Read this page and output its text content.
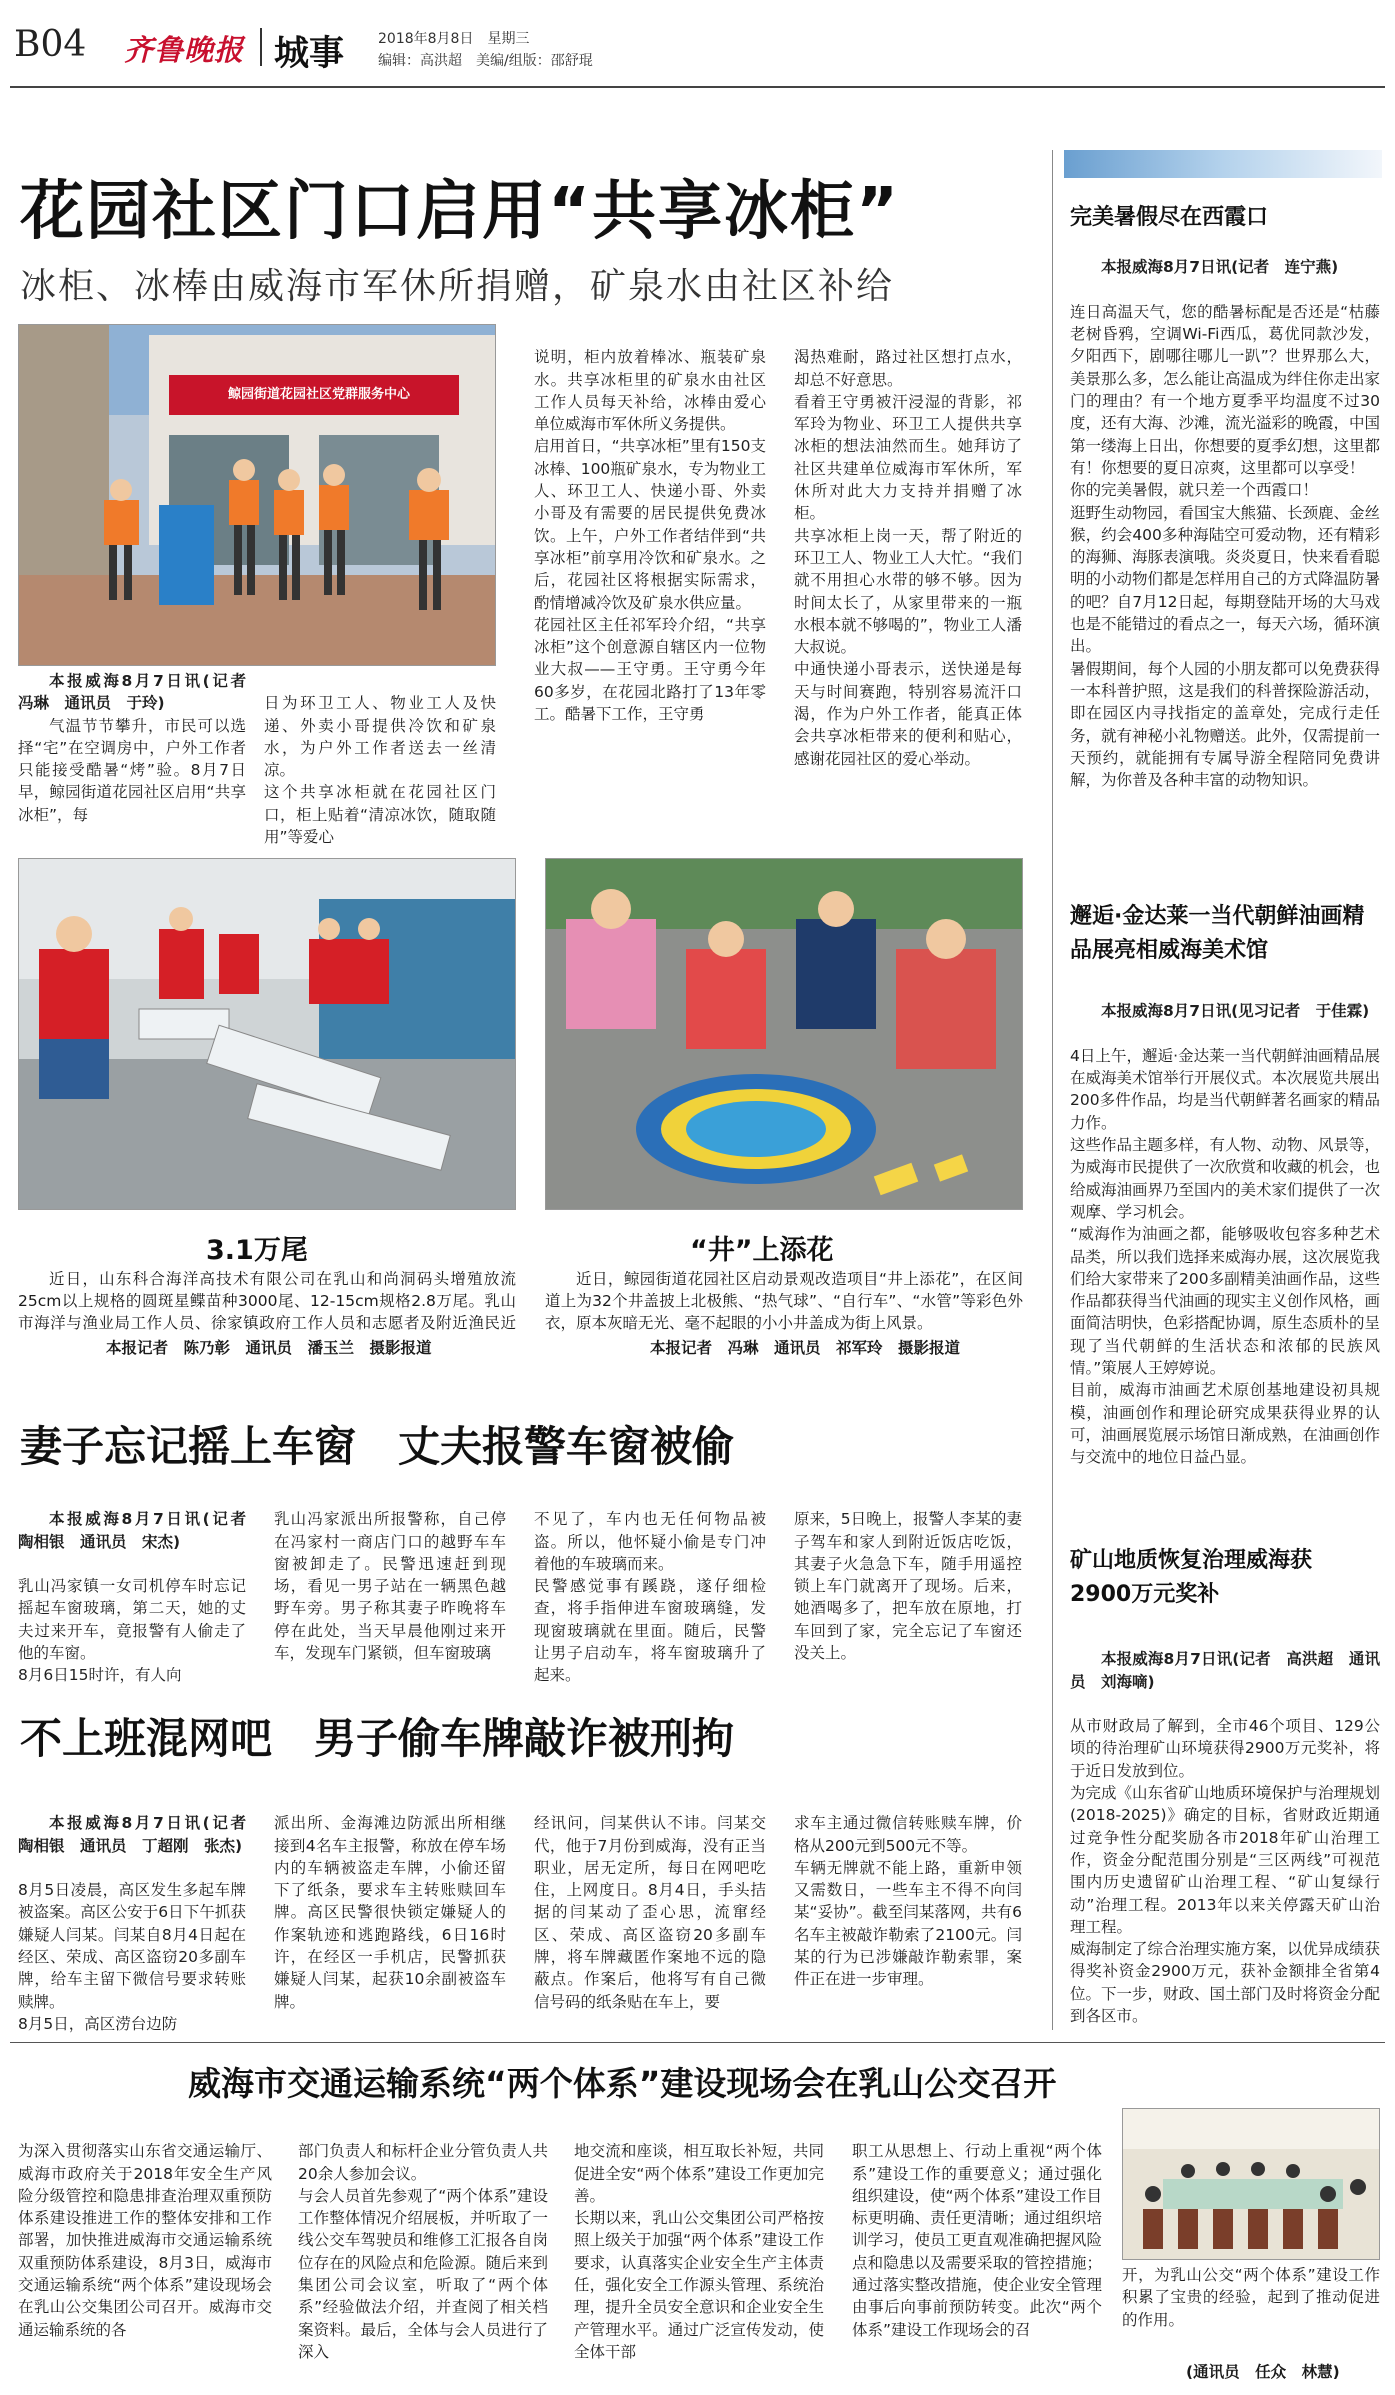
B04 齐鲁晚报 城事 2018年8月8日　星期三
编辑：高洪超　美编/组版：邵舒琨
花园社区门口启用“共享冰柜”
冰柜、冰棒由威海市军休所捐赠，矿泉水由社区补给
鲸园街道花园社区党群服务中心

本报威海8月7日讯(记者　冯琳　通讯员　于玲)

气温节节攀升，市民可以选择“宅”在空调房中，户外工作者只能接受酷暑“烤”验。8月7日早，鲸园街道花园社区启用“共享冰柜”，每

日为环卫工人、物业工人及快递、外卖小哥提供冷饮和矿泉水，为户外工作者送去一丝清凉。
这个共享冰柜就在花园社区门口，柜上贴着“清凉冰饮，随取随用”等爱心

说明，柜内放着棒冰、瓶装矿泉水。共享冰柜里的矿泉水由社区工作人员每天补给，冰棒由爱心单位威海市军休所义务提供。
启用首日，“共享冰柜”里有150支冰棒、100瓶矿泉水，专为物业工人、环卫工人、快递小哥、外卖小哥及有需要的居民提供免费冰饮。上午，户外工作者结伴到“共享冰柜”前享用冷饮和矿泉水。之后，花园社区将根据实际需求，酌情增减冷饮及矿泉水供应量。
花园社区主任祁军玲介绍，“共享冰柜”这个创意源自辖区内一位物业大叔——王守勇。王守勇今年60多岁，在花园北路打了13年零工。酷暑下工作，王守勇

渴热难耐，路过社区想打点水，却总不好意思。
看着王守勇被汗浸湿的背影，祁军玲为物业、环卫工人提供共享冰柜的想法油然而生。她拜访了社区共建单位威海市军休所，军休所对此大力支持并捐赠了冰柜。
共享冰柜上岗一天，帮了附近的环卫工人、物业工人大忙。“我们就不用担心水带的够不够。因为时间太长了，从家里带来的一瓶水根本就不够喝的”，物业工人潘大叔说。
中通快递小哥表示，送快递是每天与时间赛跑，特别容易流汗口渴，作为户外工作者，能真正体会共享冰柜带来的便利和贴心，感谢花园社区的爱心举动。

3.1万尾	“井”上添花

近日，山东科合海洋高技术有限公司在乳山和尚洞码头增殖放流25cm以上规格的圆斑星鲽苗种3000尾、12-15cm规格2.8万尾。乳山市海洋与渔业局工作人员、徐家镇政府工作人员和志愿者及附近渔民近

本报记者　陈乃彰　通讯员　潘玉兰　摄影报道

近日，鲸园街道花园社区启动景观改造项目“井上添花”，在区间道上为32个井盖披上北极熊、“热气球”、“自行车”、“水管”等彩色外衣，原本灰暗无光、毫不起眼的小小井盖成为街上风景。

本报记者　冯琳　通讯员　祁军玲　摄影报道
妻子忘记摇上车窗　丈夫报警车窗被偷

本报威海8月7日讯(记者　陶相银　通讯员　宋杰)

乳山冯家镇一女司机停车时忘记摇起车窗玻璃，第二天，她的丈夫过来开车，竟报警有人偷走了他的车窗。
8月6日15时许，有人向

乳山冯家派出所报警称，自己停在冯家村一商店门口的越野车车窗被卸走了。民警迅速赶到现场，看见一男子站在一辆黑色越野车旁。男子称其妻子昨晚将车停在此处，当天早晨他刚过来开车，发现车门紧锁，但车窗玻璃

不见了，车内也无任何物品被盗。所以，他怀疑小偷是专门冲着他的车玻璃而来。
民警感觉事有蹊跷，遂仔细检查，将手指伸进车窗玻璃缝，发现窗玻璃就在里面。随后，民警让男子启动车，将车窗玻璃升了起来。

原来，5日晚上，报警人李某的妻子驾车和家人到附近饭店吃饭，其妻子火急急下车，随手用遥控锁上车门就离开了现场。后来，她酒喝多了，把车放在原地，打车回到了家，完全忘记了车窗还没关上。

不上班混网吧　男子偷车牌敲诈被刑拘

本报威海8月7日讯(记者　陶相银　通讯员　丁超刚　张杰)

8月5日凌晨，高区发生多起车牌被盗案。高区公安于6日下午抓获嫌疑人闫某。闫某自8月4日起在经区、荣成、高区盗窃20多副车牌，给车主留下微信号要求转账赎牌。
8月5日，高区涝台边防

派出所、金海滩边防派出所相继接到4名车主报警，称放在停车场内的车辆被盗走车牌，小偷还留下了纸条，要求车主转账赎回车牌。高区民警很快锁定嫌疑人的作案轨迹和逃跑路线，6日16时许，在经区一手机店，民警抓获嫌疑人闫某，起获10余副被盗车牌。

经讯问，闫某供认不讳。闫某交代，他于7月份到威海，没有正当职业，居无定所，每日在网吧吃住，上网度日。8月4日，手头拮据的闫某动了歪心思，流窜经区、荣成、高区盗窃20多副车牌，将车牌藏匿作案地不远的隐蔽点。作案后，他将写有自己微信号码的纸条贴在车上，要

求车主通过微信转账赎车牌，价格从200元到500元不等。
车辆无牌就不能上路，重新申领又需数日，一些车主不得不向闫某“妥协”。截至闫某落网，共有6名车主被敲诈勒索了2100元。闫某的行为已涉嫌敲诈勒索罪，案件正在进一步审理。

威海市交通运输系统“两个体系”建设现场会在乳山公交召开

为深入贯彻落实山东省交通运输厅、威海市政府关于2018年安全生产风险分级管控和隐患排查治理双重预防体系建设推进工作的整体安排和工作部署，加快推进威海市交通运输系统双重预防体系建设，8月3日，威海市交通运输系统“两个体系”建设现场会在乳山公交集团公司召开。威海市交通运输系统的各

部门负责人和标杆企业分管负责人共20余人参加会议。
与会人员首先参观了“两个体系”建设工作整体情况介绍展板，并听取了一线公交车驾驶员和维修工汇报各自岗位存在的风险点和危险源。随后来到集团公司会议室，听取了“两个体系”经验做法介绍，并查阅了相关档案资料。最后，全体与会人员进行了深入

地交流和座谈，相互取长补短，共同促进全安“两个体系”建设工作更加完善。
长期以来，乳山公交集团公司严格按照上级关于加强“两个体系”建设工作要求，认真落实企业安全生产主体责任，强化安全工作源头管理、系统治理，提升全员安全意识和企业安全生产管理水平。通过广泛宣传发动，使全体干部

职工从思想上、行动上重视“两个体系”建设工作的重要意义；通过强化组织建设，使“两个体系”建设工作目标更明确、责任更清晰；通过组织培训学习，使员工更直观准确把握风险点和隐患以及需要采取的管控措施；通过落实整改措施，使企业安全管理由事后向事前预防转变。此次“两个体系”建设工作现场会的召

开，为乳山公交“两个体系”建设工作积累了宝贵的经验，起到了推动促进的作用。
(通讯员　任众　林慧)
完美暑假尽在西霞口

本报威海8月7日讯(记者　连宁燕)

连日高温天气，您的酷暑标配是否还是“枯藤老树昏鸦，空调Wi-Fi西瓜，葛优同款沙发，夕阳西下，剧哪往哪儿一趴”？世界那么大，美景那么多，怎么能让高温成为绊住你走出家门的理由？有一个地方夏季平均温度不过30度，还有大海、沙滩，流光溢彩的晚霞，中国第一缕海上日出，你想要的夏季幻想，这里都有！你想要的夏日凉爽，这里都可以享受！
你的完美暑假，就只差一个西霞口！
逛野生动物园，看国宝大熊猫、长颈鹿、金丝猴，约会400多种海陆空可爱动物，还有精彩的海狮、海豚表演哦。炎炎夏日，快来看看聪明的小动物们都是怎样用自己的方式降温防暑的吧？自7月12日起，每期登陆开场的大马戏也是不能错过的看点之一，每天六场，循环演出。
暑假期间，每个人园的小朋友都可以免费获得一本科普护照，这是我们的科普探险游活动，即在园区内寻找指定的盖章处，完成行走任务，就有神秘小礼物赠送。此外，仅需提前一天预约，就能拥有专属导游全程陪同免费讲解，为你普及各种丰富的动物知识。

邂逅·金达莱一当代朝鲜油画精品展亮相威海美术馆

本报威海8月7日讯(见习记者　于佳霖)

4日上午，邂逅·金达莱一当代朝鲜油画精品展在威海美术馆举行开展仪式。本次展览共展出200多件作品，均是当代朝鲜著名画家的精品力作。
这些作品主题多样，有人物、动物、风景等，为威海市民提供了一次欣赏和收藏的机会，也给威海油画界乃至国内的美术家们提供了一次观摩、学习机会。
“威海作为油画之都，能够吸收包容多种艺术品类，所以我们选择来威海办展，这次展览我们给大家带来了200多副精美油画作品，这些作品都获得当代油画的现实主义创作风格，画面简洁明快，色彩搭配协调，原生态质朴的呈现了当代朝鲜的生活状态和浓郁的民族风情。”策展人王婷婷说。
目前，威海市油画艺术原创基地建设初具规模，油画创作和理论研究成果获得业界的认可，油画展览展示场馆日渐成熟，在油画创作与交流中的地位日益凸显。

矿山地质恢复治理威海获2900万元奖补

本报威海8月7日讯(记者　高洪超　通讯员　刘海嘀)

从市财政局了解到，全市46个项目、129公顷的待治理矿山环境获得2900万元奖补，将于近日发放到位。
为完成《山东省矿山地质环境保护与治理规划(2018-2025)》确定的目标，省财政近期通过竞争性分配奖励各市2018年矿山治理工作，资金分配范围分别是“三区两线”可视范围内历史遗留矿山治理工程、“矿山复绿行动”治理工程。2013年以来关停露天矿山治理工程。
威海制定了综合治理实施方案，以优异成绩获得奖补资金2900万元，获补金额排全省第4位。下一步，财政、国土部门及时将资金分配到各区市。
